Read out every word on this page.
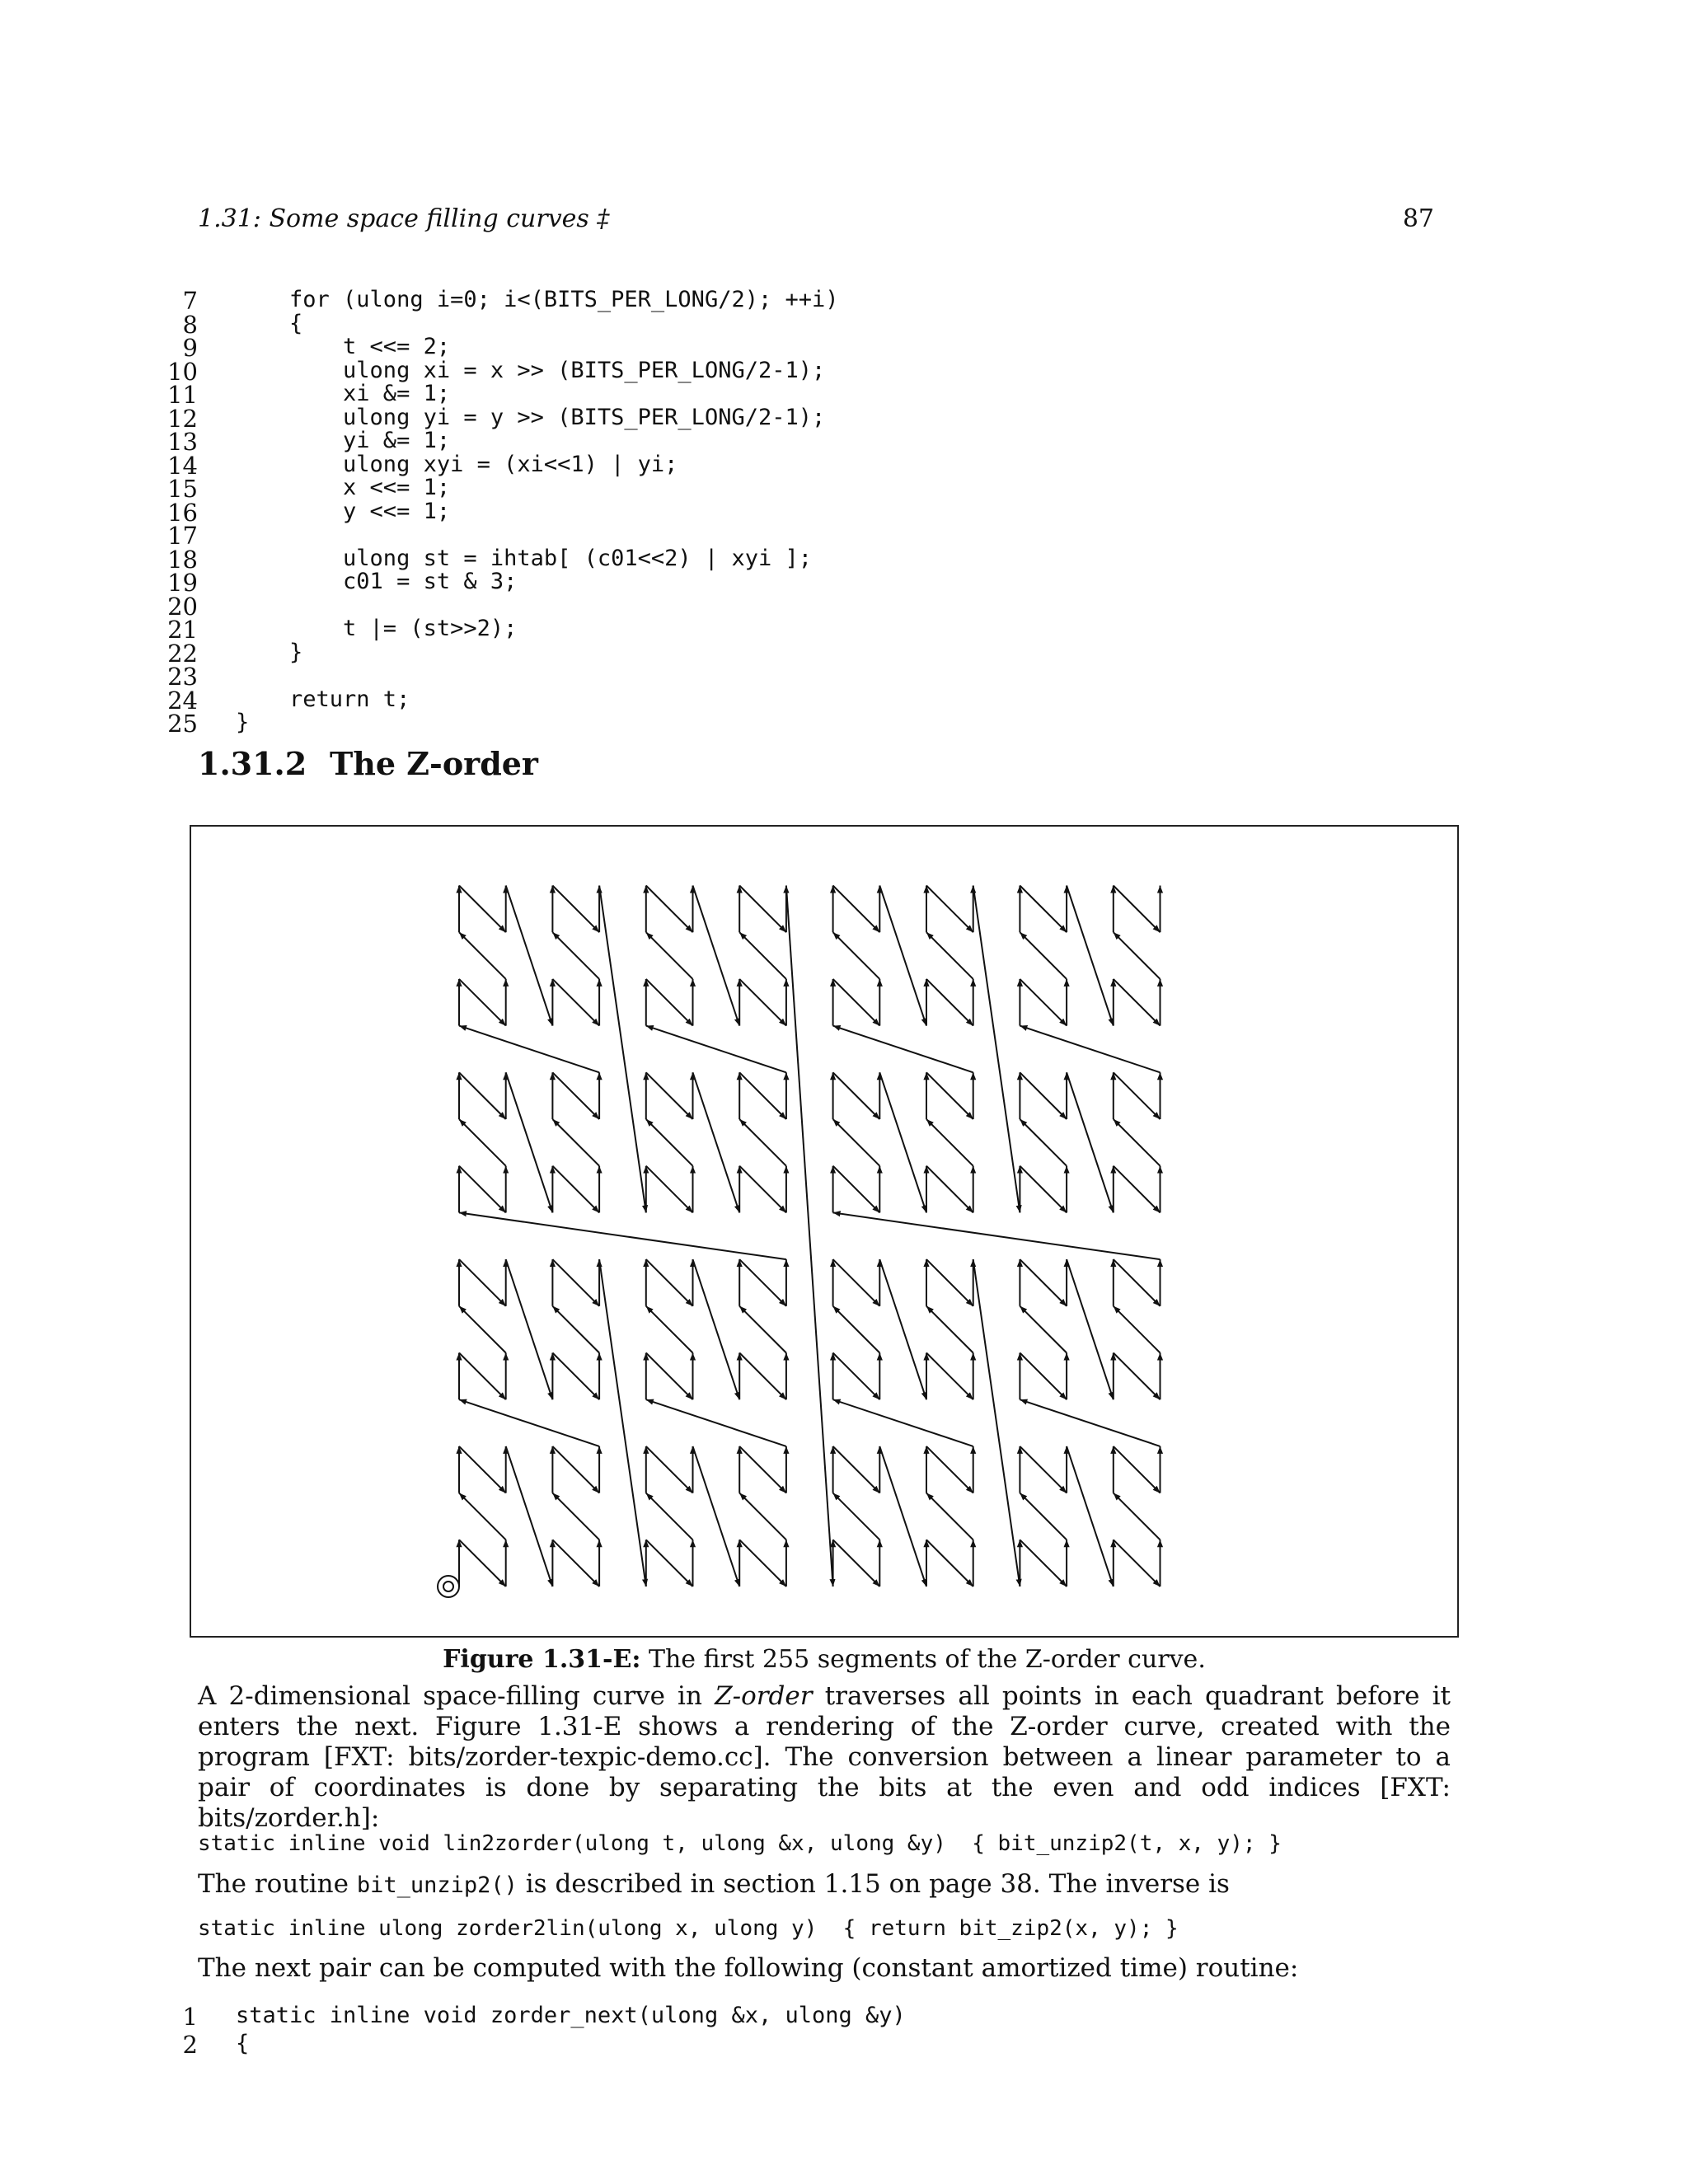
1.31: Some space filling curves ‡	87
7 for (ulong i=0; i<(BITS_PER_LONG/2); ++i)
8 {
9 t <<= 2;
10 ulong xi = x >> (BITS_PER_LONG/2-1);
11 xi &= 1;
12 ulong yi = y >> (BITS_PER_LONG/2-1);
13 yi &= 1;
14 ulong xyi = (xi<<1) | yi;
15 x <<= 1;
16 y <<= 1;
17
18 ulong st = ihtab[ (c01<<2) | xyi ];
19 c01 = st & 3;
20
21 t |= (st>>2);
22 }
23
24 return t;
25 }
1.31.2 The Z-order
Figure 1.31-E: The first 255 segments of the Z-order curve.
A 2-dimensional space-filling curve in Z-order traverses all points in each quadrant before it enters the next. Figure 1.31-E shows a rendering of the Z-order curve, created with the program [FXT: bits/zorder-texpic-demo.cc]. The conversion between a linear parameter to a pair of coordinates is done by separating the bits at the even and odd indices [FXT: bits/zorder.h]:
static inline void lin2zorder(ulong t, ulong &x, ulong &y)  { bit_unzip2(t, x, y); }
The routine bit_unzip2() is described in section 1.15 on page 38. The inverse is
static inline ulong zorder2lin(ulong x, ulong y)  { return bit_zip2(x, y); }
The next pair can be computed with the following (constant amortized time) routine:
1 static inline void zorder_next(ulong &x, ulong &y)
2 {
